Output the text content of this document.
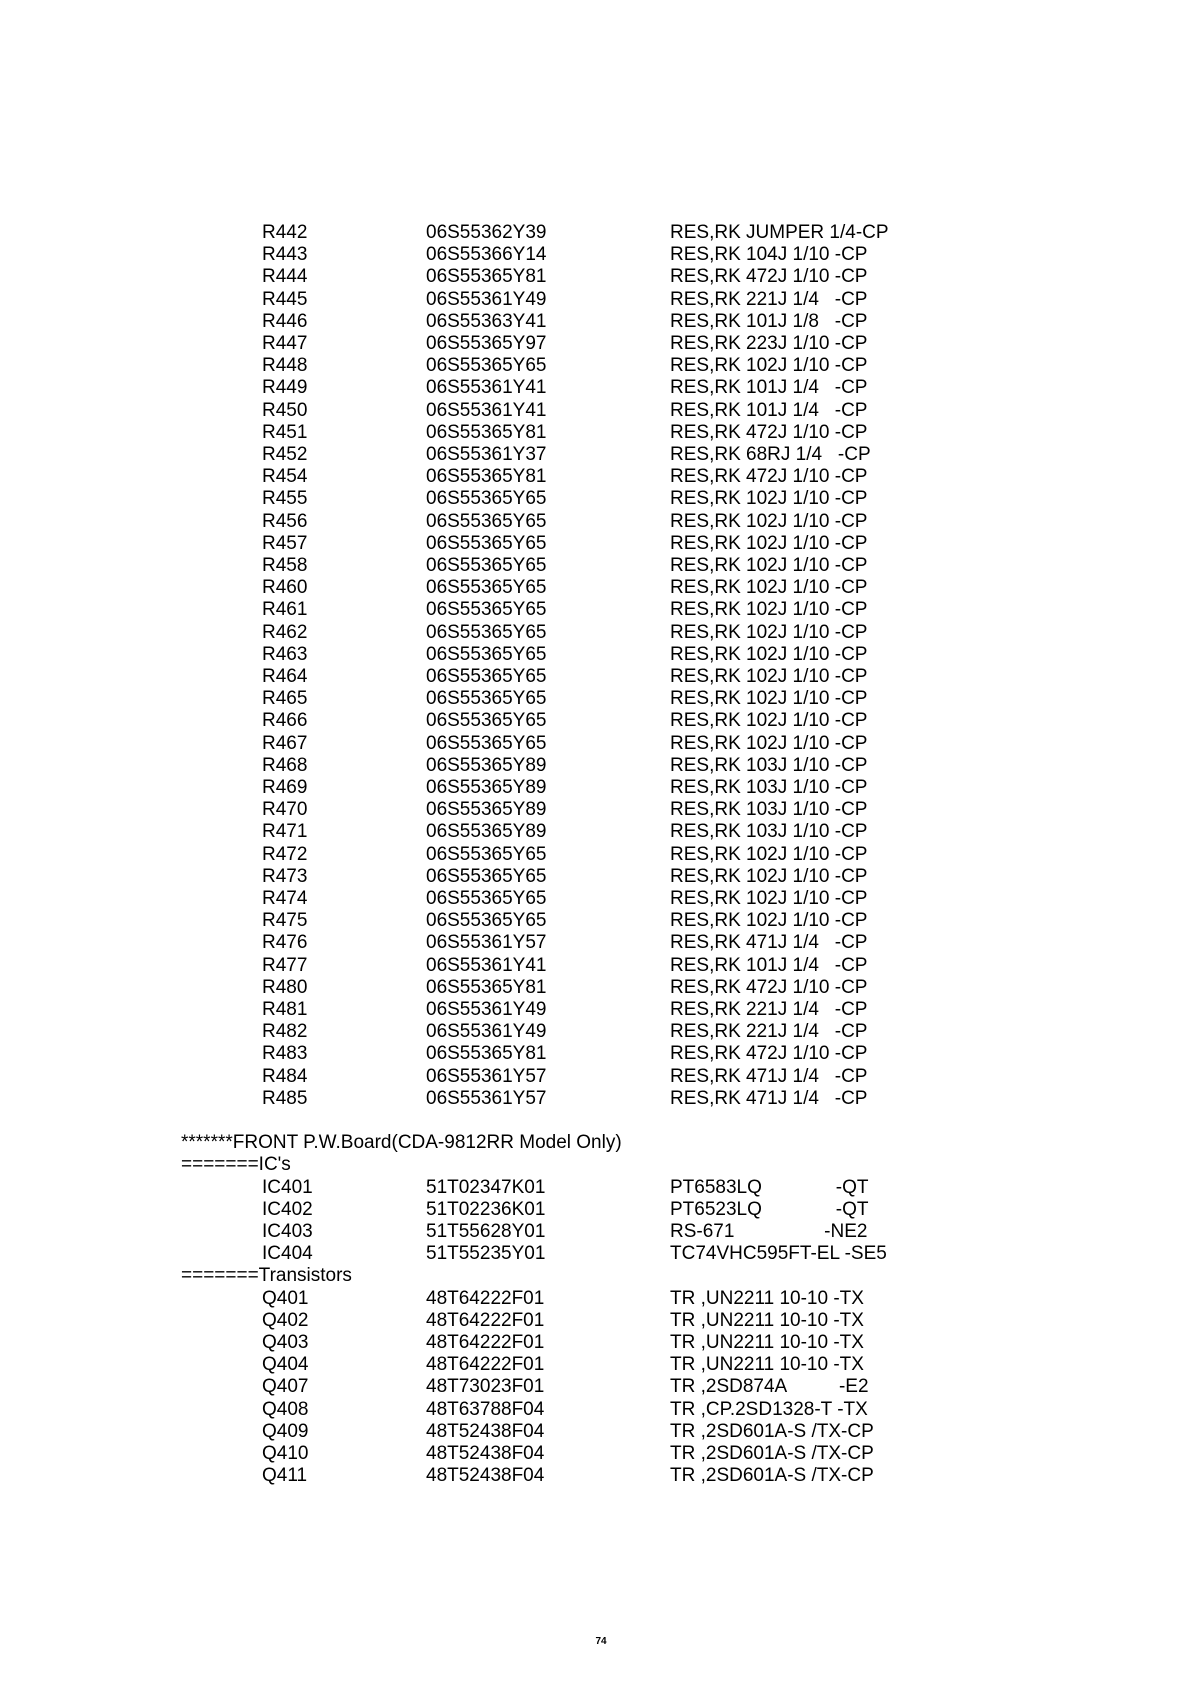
R442	06S55362Y39	RES,RK JUMPER 1/4-CP
R443	06S55366Y14	RES,RK 104J 1/10 -CP
R444	06S55365Y81	RES,RK 472J 1/10 -CP
R445	06S55361Y49	RES,RK 221J 1/4   -CP
R446	06S55363Y41	RES,RK 101J 1/8   -CP
R447	06S55365Y97	RES,RK 223J 1/10 -CP
R448	06S55365Y65	RES,RK 102J 1/10 -CP
R449	06S55361Y41	RES,RK 101J 1/4   -CP
R450	06S55361Y41	RES,RK 101J 1/4   -CP
R451	06S55365Y81	RES,RK 472J 1/10 -CP
R452	06S55361Y37	RES,RK 68RJ 1/4   -CP
R454	06S55365Y81	RES,RK 472J 1/10 -CP
R455	06S55365Y65	RES,RK 102J 1/10 -CP
R456	06S55365Y65	RES,RK 102J 1/10 -CP
R457	06S55365Y65	RES,RK 102J 1/10 -CP
R458	06S55365Y65	RES,RK 102J 1/10 -CP
R460	06S55365Y65	RES,RK 102J 1/10 -CP
R461	06S55365Y65	RES,RK 102J 1/10 -CP
R462	06S55365Y65	RES,RK 102J 1/10 -CP
R463	06S55365Y65	RES,RK 102J 1/10 -CP
R464	06S55365Y65	RES,RK 102J 1/10 -CP
R465	06S55365Y65	RES,RK 102J 1/10 -CP
R466	06S55365Y65	RES,RK 102J 1/10 -CP
R467	06S55365Y65	RES,RK 102J 1/10 -CP
R468	06S55365Y89	RES,RK 103J 1/10 -CP
R469	06S55365Y89	RES,RK 103J 1/10 -CP
R470	06S55365Y89	RES,RK 103J 1/10 -CP
R471	06S55365Y89	RES,RK 103J 1/10 -CP
R472	06S55365Y65	RES,RK 102J 1/10 -CP
R473	06S55365Y65	RES,RK 102J 1/10 -CP
R474	06S55365Y65	RES,RK 102J 1/10 -CP
R475	06S55365Y65	RES,RK 102J 1/10 -CP
R476	06S55361Y57	RES,RK 471J 1/4   -CP
R477	06S55361Y41	RES,RK 101J 1/4   -CP
R480	06S55365Y81	RES,RK 472J 1/10 -CP
R481	06S55361Y49	RES,RK 221J 1/4   -CP
R482	06S55361Y49	RES,RK 221J 1/4   -CP
R483	06S55365Y81	RES,RK 472J 1/10 -CP
R484	06S55361Y57	RES,RK 471J 1/4   -CP
R485	06S55361Y57	RES,RK 471J 1/4   -CP
*******FRONT P.W.Board(CDA-9812RR Model Only)
=======IC's
IC401	51T02347K01	PT6583LQ              -QT
IC402	51T02236K01	PT6523LQ              -QT
IC403	51T55628Y01	RS-671                 -NE2
IC404	51T55235Y01	TC74VHC595FT-EL -SE5
=======Transistors
Q401	48T64222F01	TR ,UN2211 10-10 -TX
Q402	48T64222F01	TR ,UN2211 10-10 -TX
Q403	48T64222F01	TR ,UN2211 10-10 -TX
Q404	48T64222F01	TR ,UN2211 10-10 -TX
Q407	48T73023F01	TR ,2SD874A          -E2
Q408	48T63788F04	TR ,CP.2SD1328-T -TX
Q409	48T52438F04	TR ,2SD601A-S /TX-CP
Q410	48T52438F04	TR ,2SD601A-S /TX-CP
Q411	48T52438F04	TR ,2SD601A-S /TX-CP
74
